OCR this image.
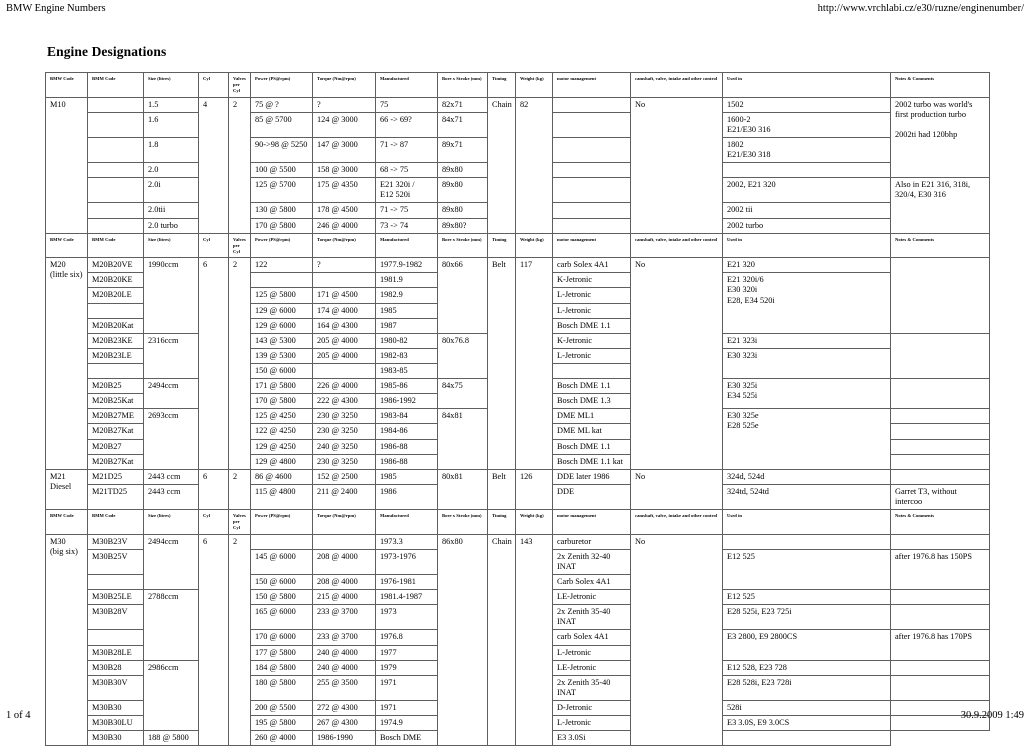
BMW Engine Numbers	http://www.vrchlabi.cz/e30/ruzne/enginenumber/
Engine Designations
BMW Code	BMM Code	Size (litres)	Cyl	Valves per Cyl	Power (PS@rpm)	Torque (Nm@rpm)	Manufactured	Bore x Stroke (mm)	Timing	Weight (kg)	motor management	camshaft, valve, intake and other control	Used in	Notes & Comments
M10		1.5	4	2	75 @ ?	?	75	82x71	Chain	82		No	1502	2002 turbo was world's first production turbo

2002ti had 120bhp
		1.6			85 @ 5700	124 @ 3000	66 -> 69?	84x71					1600-2
E21/E30 316	
		1.8			90->98 @ 5250	147 @ 3000	71 -> 87	89x71					1802
E21/E30 318	
		2.0			100 @ 5500	158 @ 3000	68 -> 75	89x80						
		2.0i			125 @ 5700	175 @ 4350	E21 320i /
E12 520i	89x80					2002, E21 320	Also in E21 316, 318i, 320/4, E30 316
		2.0tii			130 @ 5800	178 @ 4500	71 -> 75	89x80					2002 tii	
		2.0 turbo			170 @ 5800	246 @ 4000	73 -> 74	89x80?					2002 turbo	
BMW Code	BMM Code	Size (litres)	Cyl	Valves per Cyl	Power (PS@rpm)	Torque (Nm@rpm)	Manufactured	Bore x Stroke (mm)	Timing	Weight (kg)	motor management	camshaft, valve, intake and other control	Used in	Notes & Comments
M20
(little six)	M20B20VE	1990ccm	6	2	122	?	1977.9-1982	80x66	Belt	117	carb Solex 4A1	No	E21 320	
	M20B20KE						1981.9				K-Jetronic		E21 320i/6
E30 320i
E28, E34 520i	
	M20B20LE				125 @ 5800	171 @ 4500	1982.9				L-Jetronic			
					129 @ 6000	174 @ 4000	1985				L-Jetronic			
	M20B20Kat				129 @ 6000	164 @ 4300	1987				Bosch DME 1.1			
	M20B23KE	2316ccm			143 @ 5300	205 @ 4000	1980-82	80x76.8			K-Jetronic		E21 323i	
	M20B23LE				139 @ 5300	205 @ 4000	1982-83				L-Jetronic		E30 323i	
					150 @ 6000		1983-85							
	M20B25	2494ccm			171 @ 5800	226 @ 4000	1985-86	84x75			Bosch DME 1.1		E30 325i
E34 525i	
	M20B25Kat				170 @ 5800	222 @ 4300	1986-1992				Bosch DME 1.3			
	M20B27ME	2693ccm			125 @ 4250	230 @ 3250	1983-84	84x81			DME ML1		E30 325e
E28 525e	
	M20B27Kat				122 @ 4250	230 @ 3250	1984-86				DME ML kat			
	M20B27				129 @ 4250	240 @ 3250	1986-88				Bosch DME 1.1			
	M20B27Kat				129 @ 4800	230 @ 3250	1986-88				Bosch DME 1.1 kat			
M21
Diesel	M21D25	2443 ccm	6	2	86 @ 4600	152 @ 2500	1985	80x81	Belt	126	DDE later 1986	No	324d, 524d	
	M21TD25	2443 ccm			115 @ 4800	211 @ 2400	1986				DDE		324td, 524td	Garret T3, without intercoo
BMW Code	BMM Code	Size (litres)	Cyl	Valves per Cyl	Power (PS@rpm)	Torque (Nm@rpm)	Manufactured	Bore x Stroke (mm)	Timing	Weight (kg)	motor management	camshaft, valve, intake and other control	Used in	Notes & Comments
M30
(big six)	M30B23V	2494ccm	6	2			1973.3	86x80	Chain	143	carburetor	No		
	M30B25V				145 @ 6000	208 @ 4000	1973-1976				2x Zenith 32-40 INAT		E12 525	after 1976.8 has 150PS
					150 @ 6000	208 @ 4000	1976-1981				Carb Solex 4A1			
	M30B25LE	2788ccm			150 @ 5800	215 @ 4000	1981.4-1987				LE-Jetronic		E12 525	
	M30B28V				165 @ 6000	233 @ 3700	1973				2x Zenith 35-40 INAT		E28 525i, E23 725i	
					170 @ 6000	233 @ 3700	1976.8				carb Solex 4A1		E3 2800, E9 2800CS	after 1976.8 has 170PS
	M30B28LE				177 @ 5800	240 @ 4000	1977				L-Jetronic			
	M30B28	2986ccm			184 @ 5800	240 @ 4000	1979				LE-Jetronic		E12 528, E23 728	
	M30B30V				180 @ 5800	255 @ 3500	1971				2x Zenith 35-40 INAT		E28 528i, E23 728i	
	M30B30				200 @ 5500	272 @ 4300	1971				D-Jetronic		528i	
	M30B30LU				195 @ 5800	267 @ 4300	1974.9				L-Jetronic		E3 3.0S, E9 3.0CS	
	M30B30	188 @ 5800			260 @ 4000	1986-1990	Bosch DME				E3 3.0Si			
1 of 4	30.9.2009 1:49
